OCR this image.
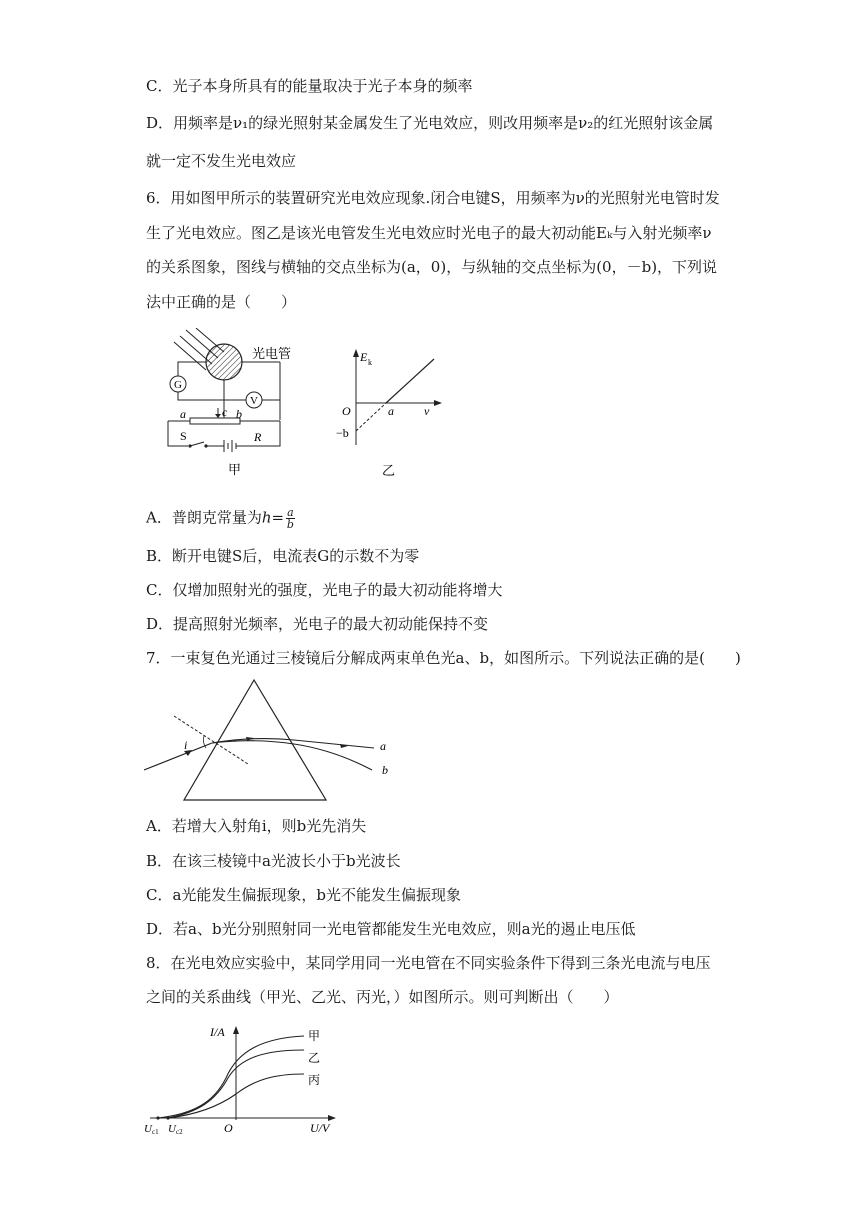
C．光子本身所具有的能量取决于光子本身的频率
D．用频率是ν₁的绿光照射某金属发生了光电效应，则改用频率是ν₂的红光照射该金属
就一定不发生光电效应
6．用如图甲所示的装置研究光电效应现象.闭合电键S，用频率为ν的光照射光电管时发
生了光电效应。图乙是该光电管发生光电效应时光电子的最大初动能Eₖ与入射光频率ν
的关系图象，图线与横轴的交点坐标为(a，0)，与纵轴的交点坐标为(0，－b)，下列说
法中正确的是（　　）
G
V
a	c b
S	R
光电管
甲
E k
O	a	ν
−b
乙
A．普朗克常量为$h= \frac{a}{b}$
B．断开电键S后，电流表G的示数不为零
C．仅增加照射光的强度，光电子的最大初动能将增大
D．提高照射光频率，光电子的最大初动能保持不变
7．一束复色光通过三棱镜后分解成两束单色光a、b，如图所示。下列说法正确的是(　　)
i	a
b
A．若增大入射角i，则b光先消失
B．在该三棱镜中a光波长小于b光波长
C．a光能发生偏振现象，b光不能发生偏振现象
D．若a、b光分别照射同一光电管都能发生光电效应，则a光的遏止电压低
8．在光电效应实验中，某同学用同一光电管在不同实验条件下得到三条光电流与电压
之间的关系曲线（甲光、乙光、丙光，）如图所示。则可判断出（　　）
I/A	甲
乙
丙
U c1 U c2	O	U/V
